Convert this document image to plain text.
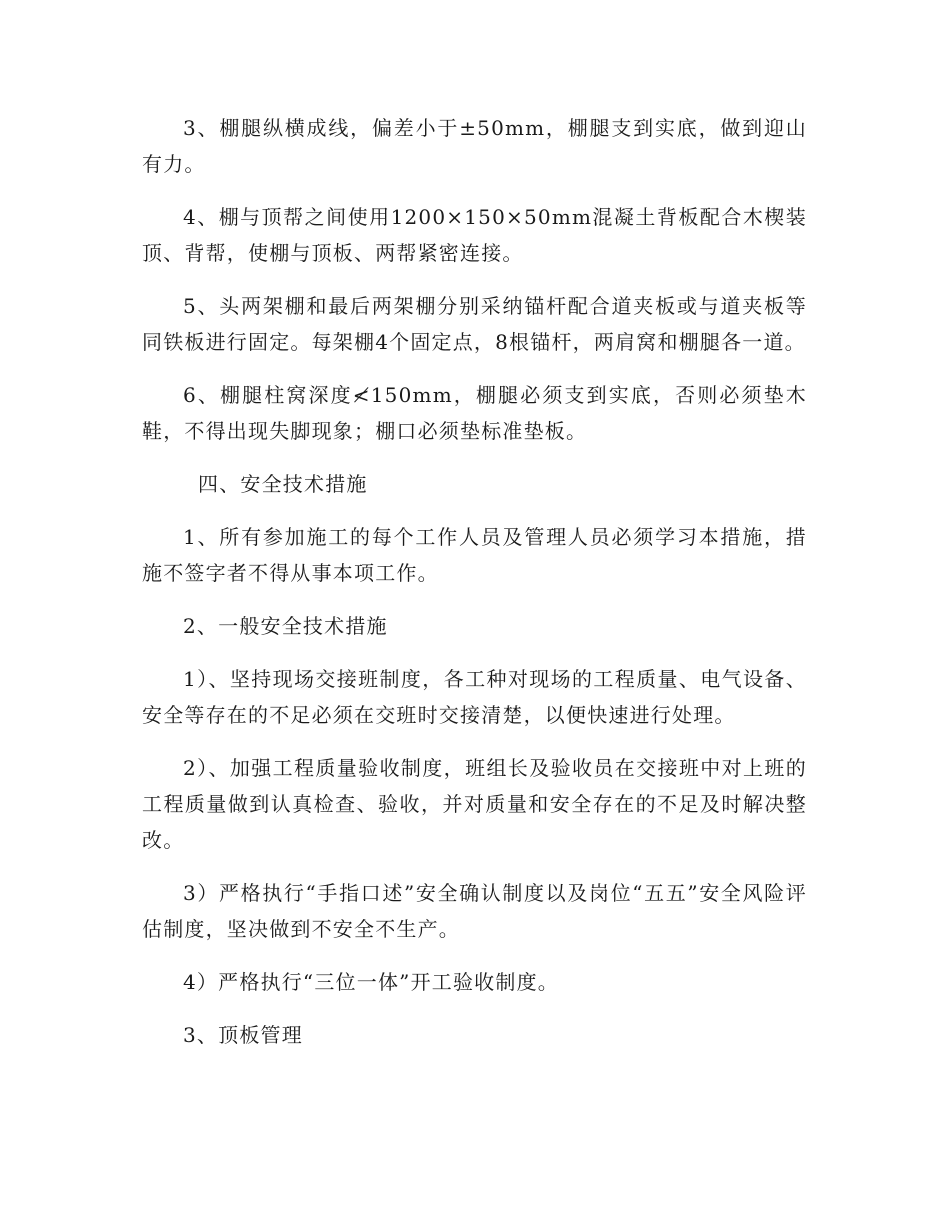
3、棚腿纵横成线，偏差小于±50mm，棚腿支到实底，做到迎山有力。

4、棚与顶帮之间使用1200×150×50mm混凝土背板配合木楔装顶、背帮，使棚与顶板、两帮紧密连接。

5、头两架棚和最后两架棚分别采纳锚杆配合道夹板或与道夹板等同铁板进行固定。每架棚4个固定点，8根锚杆，两肩窝和棚腿各一道。

6、棚腿柱窝深度≮150mm，棚腿必须支到实底，否则必须垫木鞋，不得出现失脚现象；棚口必须垫标准垫板。

四、安全技术措施

1、所有参加施工的每个工作人员及管理人员必须学习本措施，措施不签字者不得从事本项工作。

2、一般安全技术措施

1）、坚持现场交接班制度，各工种对现场的工程质量、电气设备、安全等存在的不足必须在交班时交接清楚，以便快速进行处理。

2）、加强工程质量验收制度，班组长及验收员在交接班中对上班的工程质量做到认真检查、验收，并对质量和安全存在的不足及时解决整改。

3）严格执行“手指口述”安全确认制度以及岗位“五五”安全风险评估制度，坚决做到不安全不生产。

4）严格执行“三位一体”开工验收制度。

3、顶板管理
